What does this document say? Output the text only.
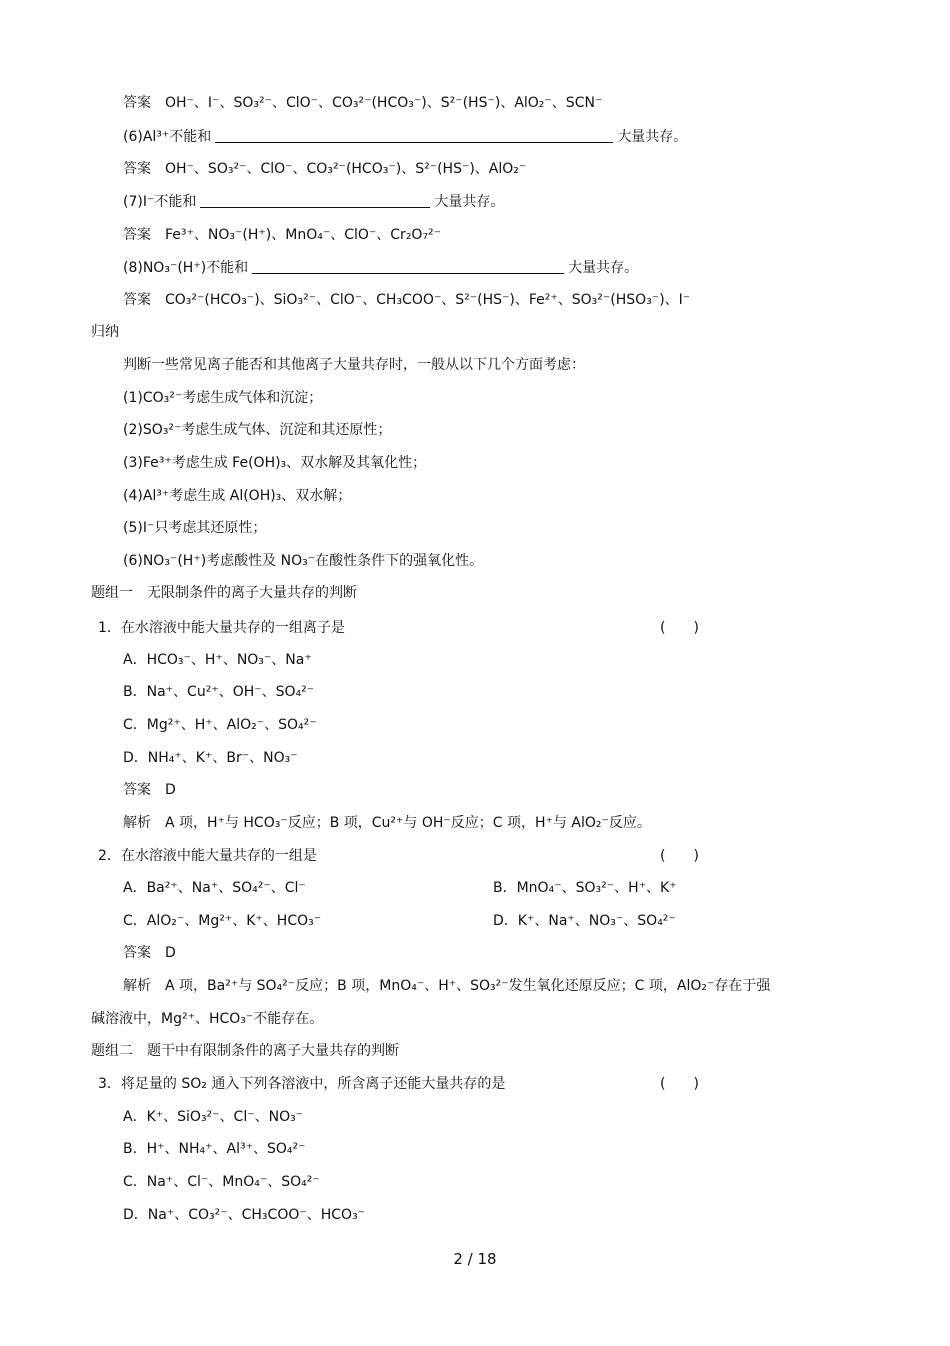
答案　OH⁻、I⁻、SO₃²⁻、ClO⁻、CO₃²⁻(HCO₃⁻)、S²⁻(HS⁻)、AlO₂⁻、SCN⁻
(6)Al³⁺不能和	大量共存。
答案　OH⁻、SO₃²⁻、ClO⁻、CO₃²⁻(HCO₃⁻)、S²⁻(HS⁻)、AlO₂⁻
(7)I⁻不能和	大量共存。
答案　Fe³⁺、NO₃⁻(H⁺)、MnO₄⁻、ClO⁻、Cr₂O₇²⁻
(8)NO₃⁻(H⁺)不能和	大量共存。
答案　CO₃²⁻(HCO₃⁻)、SiO₃²⁻、ClO⁻、CH₃COO⁻、S²⁻(HS⁻)、Fe²⁺、SO₃²⁻(HSO₃⁻)、I⁻
归纳
判断一些常见离子能否和其他离子大量共存时，一般从以下几个方面考虑：
(1)CO₃²⁻考虑生成气体和沉淀；
(2)SO₃²⁻考虑生成气体、沉淀和其还原性；
(3)Fe³⁺考虑生成 Fe(OH)₃、双水解及其氧化性；
(4)Al³⁺考虑生成 Al(OH)₃、双水解；
(5)I⁻只考虑其还原性；
(6)NO₃⁻(H⁺)考虑酸性及 NO₃⁻在酸性条件下的强氧化性。
题组一　无限制条件的离子大量共存的判断
1．在水溶液中能大量共存的一组离子是	(　　)
A．HCO₃⁻、H⁺、NO₃⁻、Na⁺
B．Na⁺、Cu²⁺、OH⁻、SO₄²⁻
C．Mg²⁺、H⁺、AlO₂⁻、SO₄²⁻
D．NH₄⁺、K⁺、Br⁻、NO₃⁻
答案　D
解析　A 项，H⁺与 HCO₃⁻反应；B 项，Cu²⁺与 OH⁻反应；C 项，H⁺与 AlO₂⁻反应。
2．在水溶液中能大量共存的一组是	(　　)
A．Ba²⁺、Na⁺、SO₄²⁻、Cl⁻	B．MnO₄⁻、SO₃²⁻、H⁺、K⁺
C．AlO₂⁻、Mg²⁺、K⁺、HCO₃⁻	D．K⁺、Na⁺、NO₃⁻、SO₄²⁻
答案　D
解析　A 项，Ba²⁺与 SO₄²⁻反应；B 项，MnO₄⁻、H⁺、SO₃²⁻发生氧化还原反应；C 项，AlO₂⁻存在于强
碱溶液中，Mg²⁺、HCO₃⁻不能存在。
题组二　题干中有限制条件的离子大量共存的判断
3．将足量的 SO₂ 通入下列各溶液中，所含离子还能大量共存的是	(　　)
A．K⁺、SiO₃²⁻、Cl⁻、NO₃⁻
B．H⁺、NH₄⁺、Al³⁺、SO₄²⁻
C．Na⁺、Cl⁻、MnO₄⁻、SO₄²⁻
D．Na⁺、CO₃²⁻、CH₃COO⁻、HCO₃⁻
2 / 18
